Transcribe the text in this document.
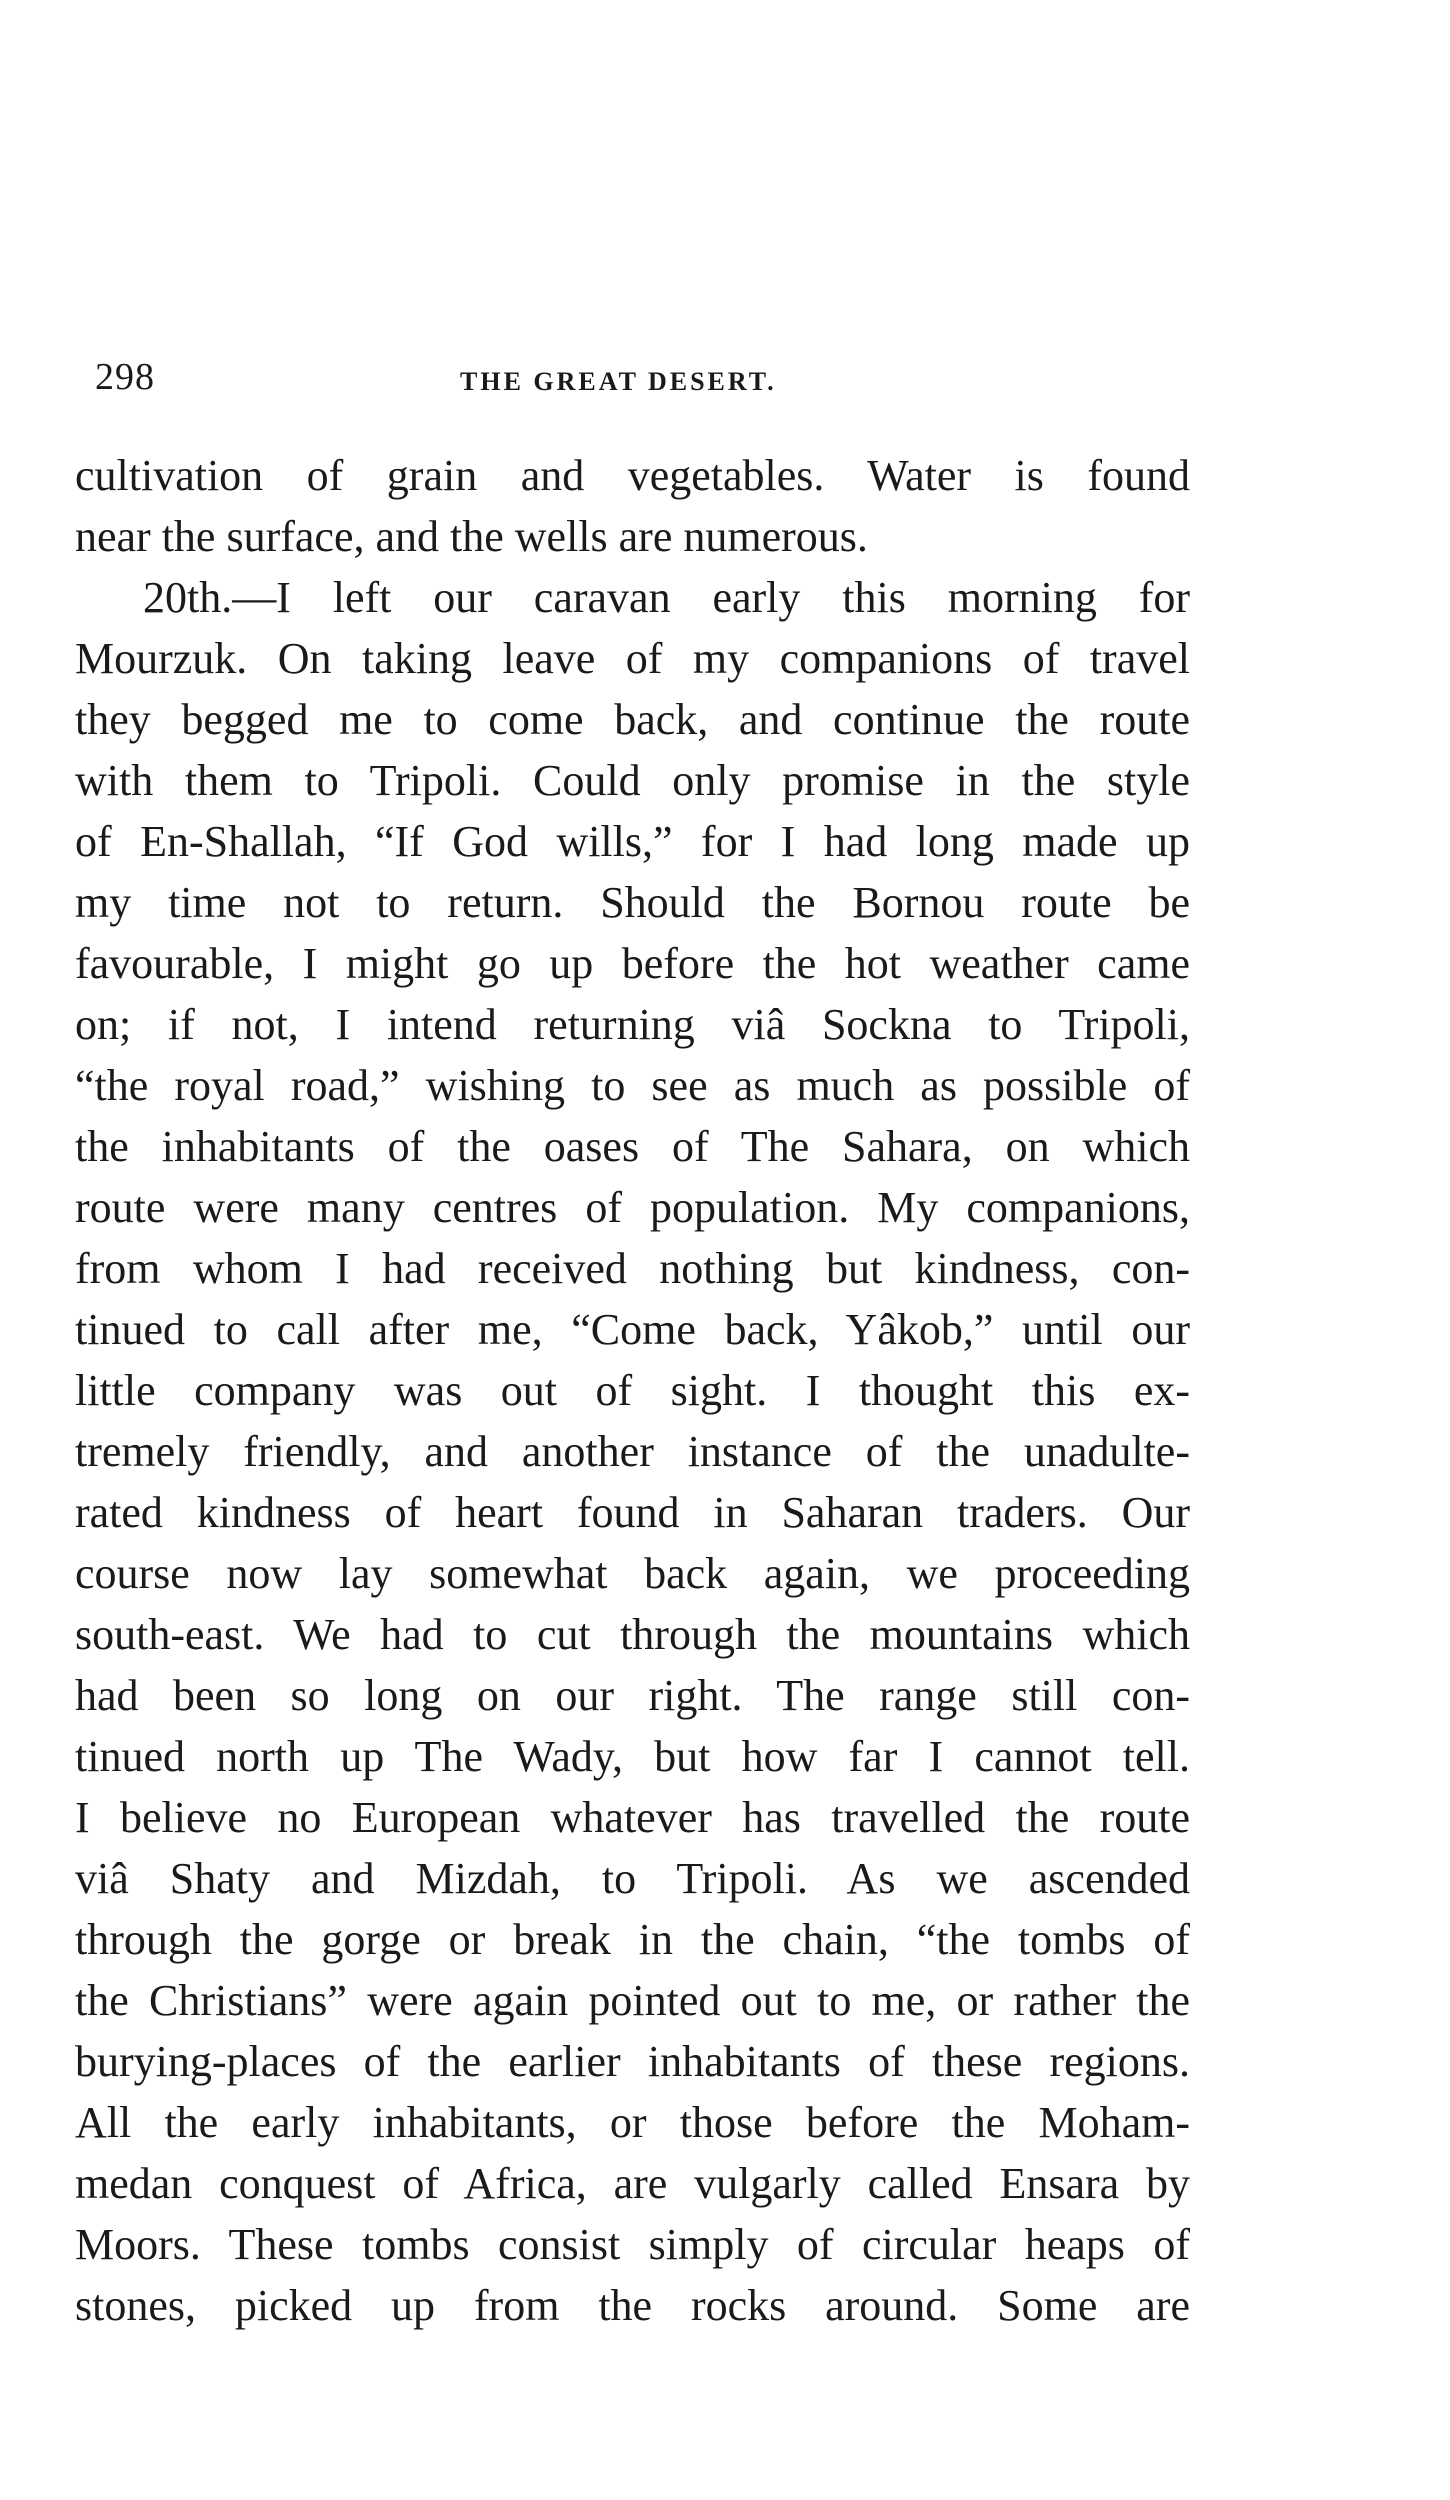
298	THE GREAT DESERT.
cultivation of grain and vegetables. Water is found
near the surface, and the wells are numerous.
20th.—I left our caravan early this morning for
Mourzuk. On taking leave of my companions of travel
they begged me to come back, and continue the route
with them to Tripoli. Could only promise in the style
of En-Shallah, “If God wills,” for I had long made up
my time not to return. Should the Bornou route be
favourable, I might go up before the hot weather came
on; if not, I intend returning viâ Sockna to Tripoli,
“the royal road,” wishing to see as much as possible of
the inhabitants of the oases of The Sahara, on which
route were many centres of population. My companions,
from whom I had received nothing but kindness, con-
tinued to call after me, “Come back, Yâkob,” until our
little company was out of sight. I thought this ex-
tremely friendly, and another instance of the unadulte-
rated kindness of heart found in Saharan traders. Our
course now lay somewhat back again, we proceeding
south-east. We had to cut through the mountains which
had been so long on our right. The range still con-
tinued north up The Wady, but how far I cannot tell.
I believe no European whatever has travelled the route
viâ Shaty and Mizdah, to Tripoli. As we ascended
through the gorge or break in the chain, “the tombs of
the Christians” were again pointed out to me, or rather the
burying-places of the earlier inhabitants of these regions.
All the early inhabitants, or those before the Moham-
medan conquest of Africa, are vulgarly called Ensara by
Moors. These tombs consist simply of circular heaps of
stones, picked up from the rocks around. Some are
